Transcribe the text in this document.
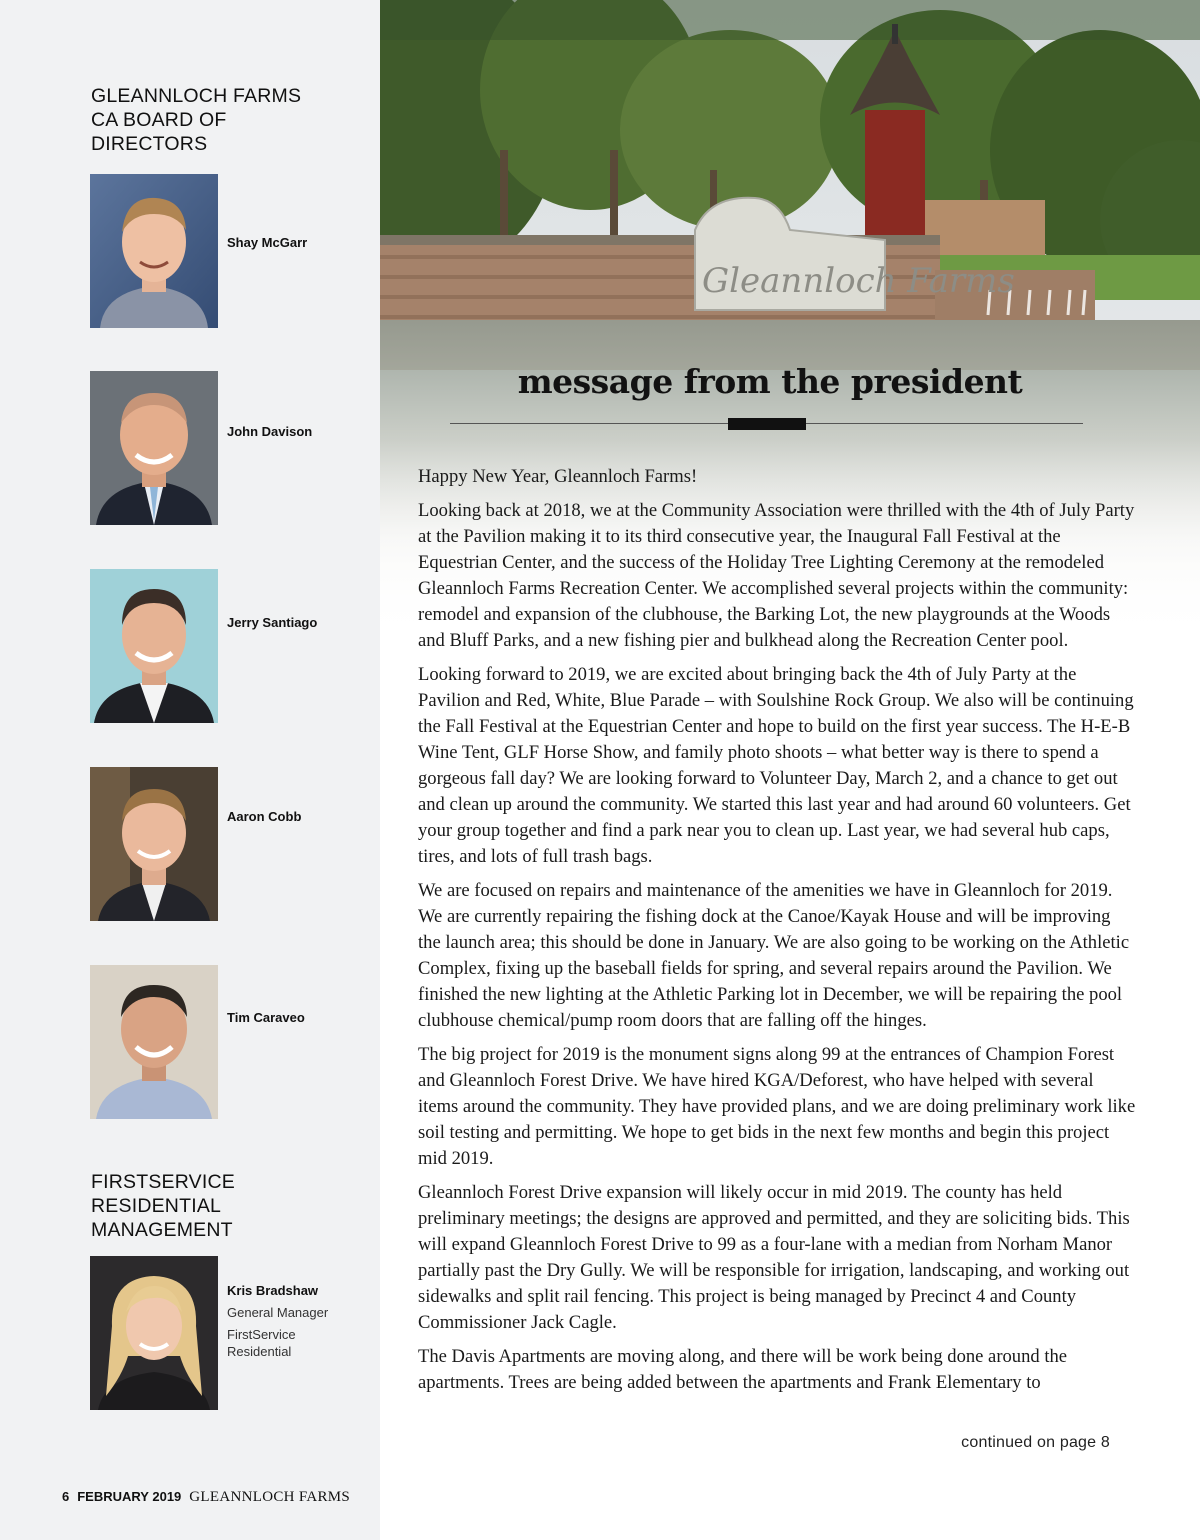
GLEANNLOCH FARMS
CA BOARD OF
DIRECTORS
Shay McGarr
John Davison
Jerry Santiago
Aaron Cobb
Tim Caraveo
FIRSTSERVICE
RESIDENTIAL
MANAGEMENT
Kris Bradshaw
General Manager
FirstService
Residential
6 FEBRUARY 2019 GLEANNLOCH FARMS
Gleannloch Farms
message from the president

Happy New Year, Gleannloch Farms!

Looking back at 2018, we at the Community Association were thrilled with the 4th of July Party at the Pavilion making it to its third consecutive year, the Inaugural Fall Festival at the Equestrian Center, and the success of the Holiday Tree Lighting Ceremony at the remodeled Gleannloch Farms Recreation Center. We accomplished several projects within the community: remodel and expansion of the clubhouse, the Barking Lot, the new playgrounds at the Woods and Bluff Parks, and a new fishing pier and bulkhead along the Recreation Center pool.

Looking forward to 2019, we are excited about bringing back the 4th of July Party at the Pavilion and Red, White, Blue Parade – with Soulshine Rock Group. We also will be continuing the Fall Festival at the Equestrian Center and hope to build on the first year success. The H-E-B Wine Tent, GLF Horse Show, and family photo shoots – what better way is there to spend a gorgeous fall day? We are looking forward to Volunteer Day, March 2, and a chance to get out and clean up around the community. We started this last year and had around 60 volunteers. Get your group together and find a park near you to clean up. Last year, we had several hub caps, tires, and lots of full trash bags.

We are focused on repairs and maintenance of the amenities we have in Gleannloch for 2019. We are currently repairing the fishing dock at the Canoe/Kayak House and will be improving the launch area; this should be done in January. We are also going to be working on the Athletic Complex, fixing up the baseball fields for spring, and several repairs around the Pavilion. We finished the new lighting at the Athletic Parking lot in December, we will be repairing the pool clubhouse chemical/pump room doors that are falling off the hinges.

The big project for 2019 is the monument signs along 99 at the entrances of Champion Forest and Gleannloch Forest Drive. We have hired KGA/Deforest, who have helped with several items around the community. They have provided plans, and we are doing preliminary work like soil testing and permitting. We hope to get bids in the next few months and begin this project mid 2019.

Gleannloch Forest Drive expansion will likely occur in mid 2019. The county has held preliminary meetings; the designs are approved and permitted, and they are soliciting bids. This will expand Gleannloch Forest Drive to 99 as a four-lane with a median from Norham Manor partially past the Dry Gully. We will be responsible for irrigation, landscaping, and working out sidewalks and split rail fencing. This project is being managed by Precinct 4 and County Commissioner Jack Cagle.

The Davis Apartments are moving along, and there will be work being done around the apartments. Trees are being added between the apartments and Frank Elementary to

continued on page 8
